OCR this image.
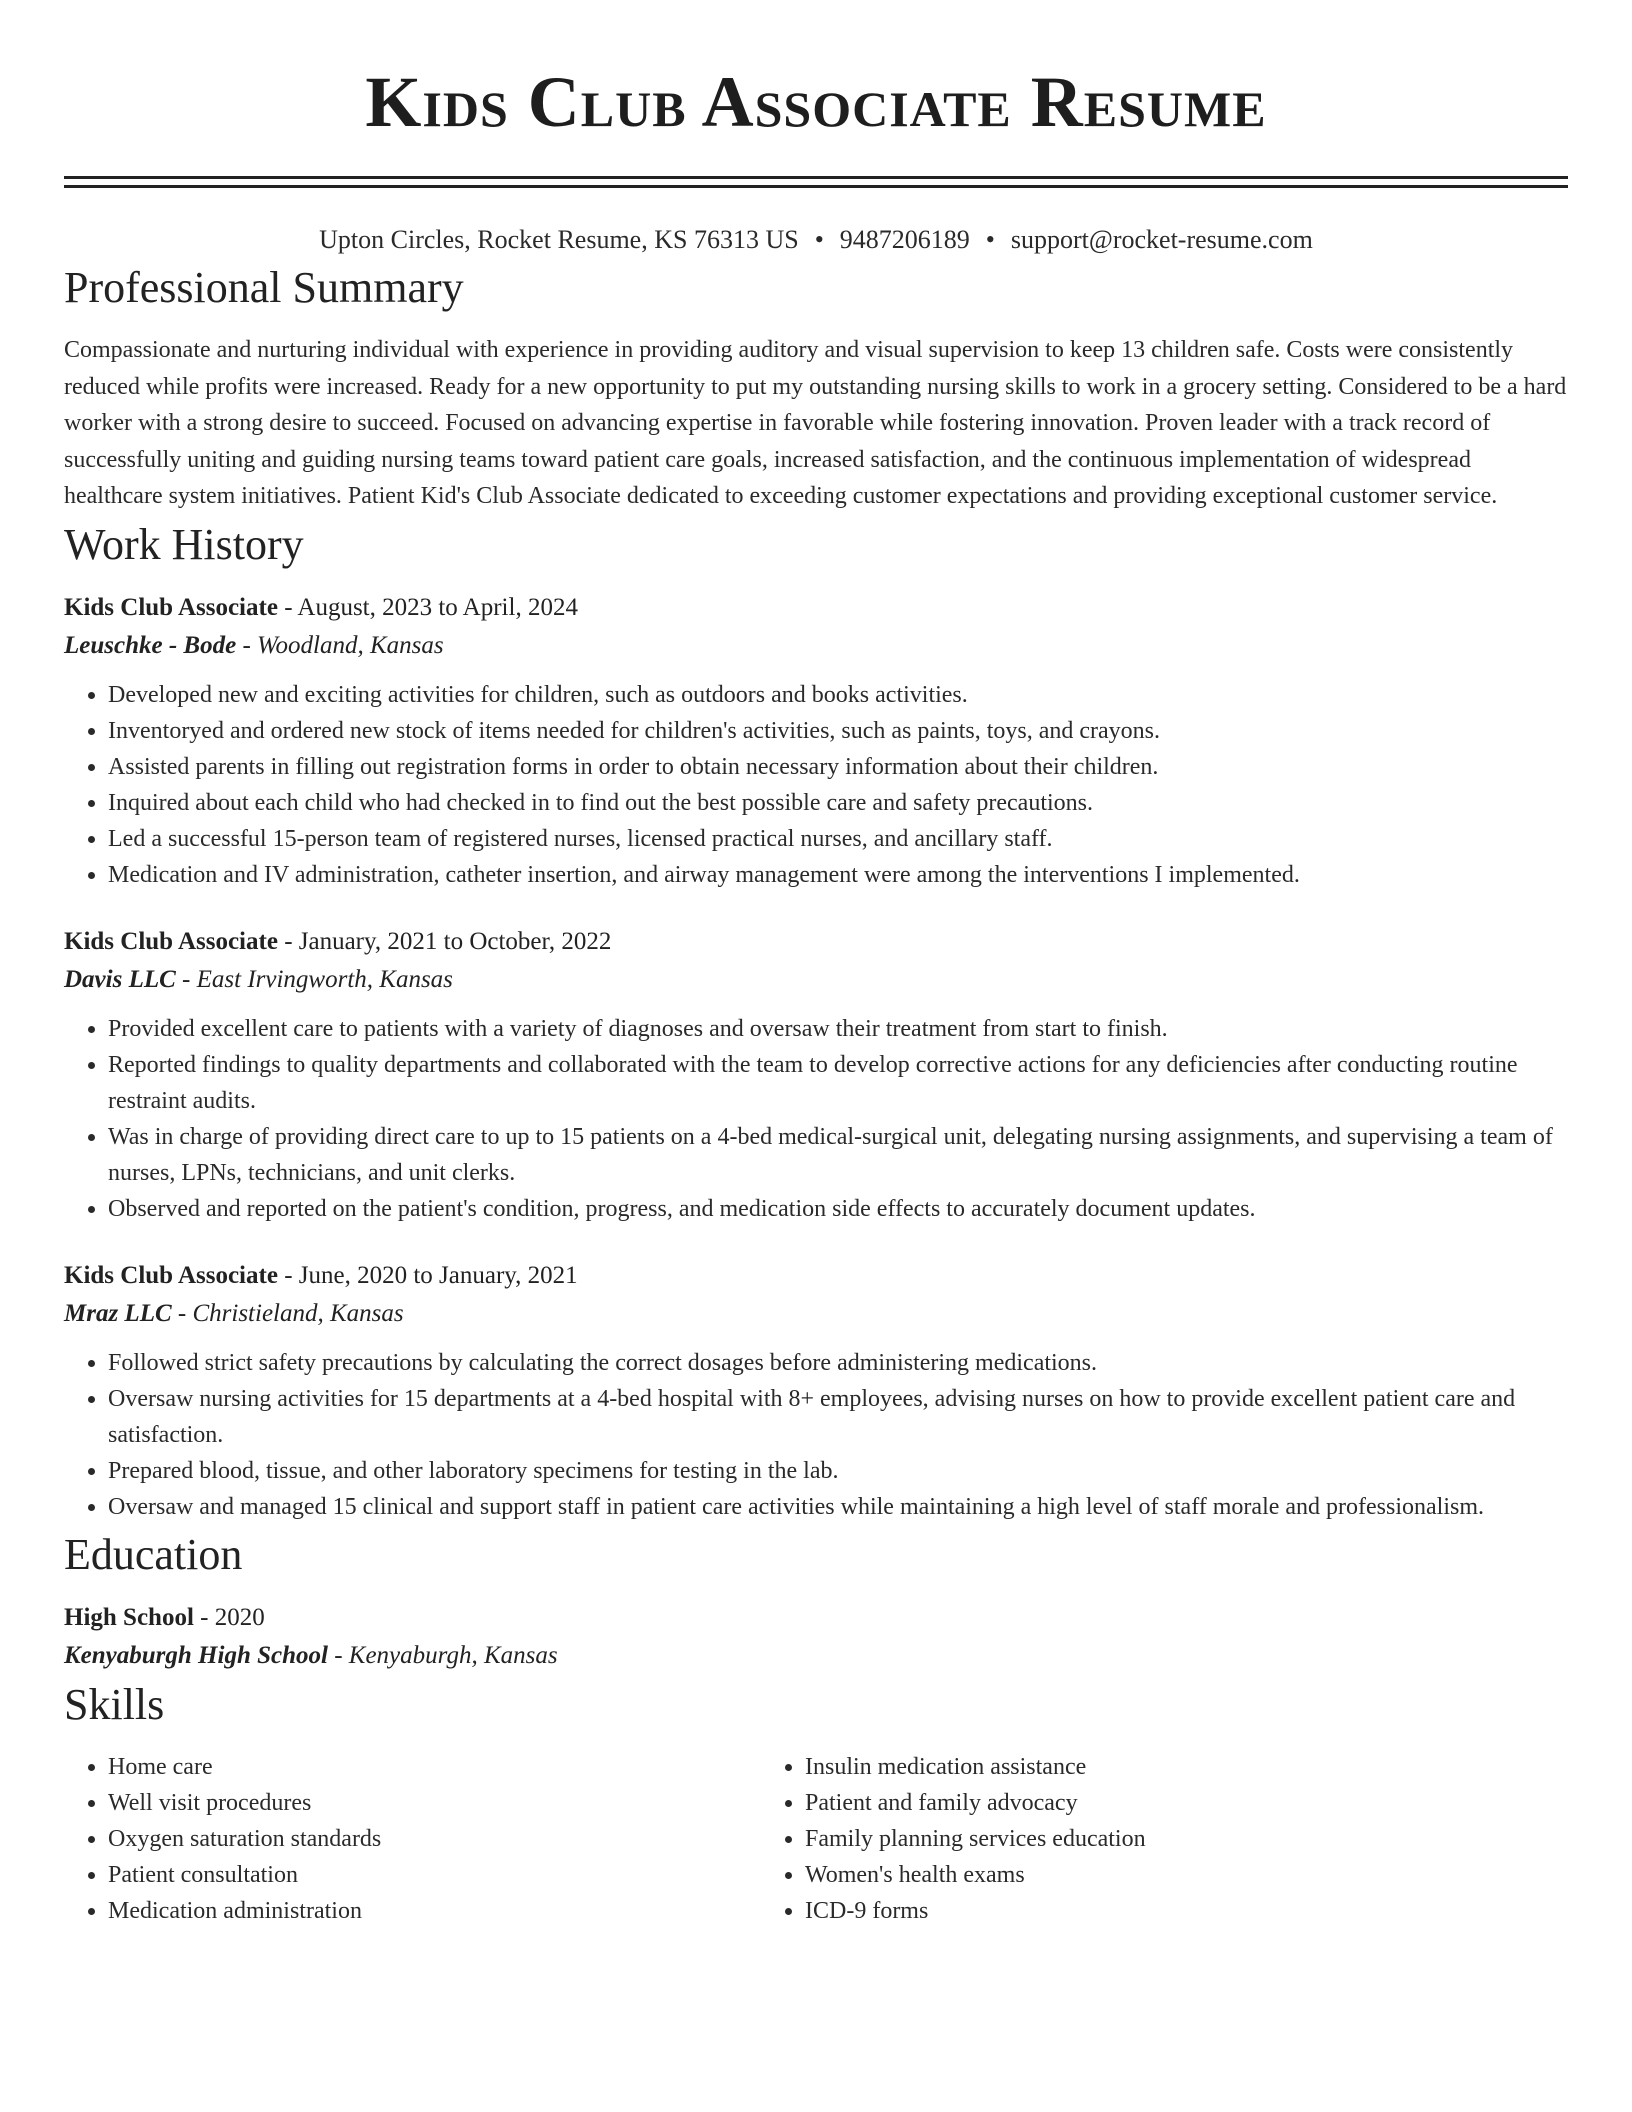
Kids Club Associate Resume
Upton Circles, Rocket Resume, KS 76313 US • 9487206189 • support@rocket-resume.com
Professional Summary
Compassionate and nurturing individual with experience in providing auditory and visual supervision to keep 13 children safe. Costs were consistently reduced while profits were increased. Ready for a new opportunity to put my outstanding nursing skills to work in a grocery setting. Considered to be a hard worker with a strong desire to succeed. Focused on advancing expertise in favorable while fostering innovation. Proven leader with a track record of successfully uniting and guiding nursing teams toward patient care goals, increased satisfaction, and the continuous implementation of widespread healthcare system initiatives. Patient Kid's Club Associate dedicated to exceeding customer expectations and providing exceptional customer service.
Work History
Kids Club Associate - August, 2023 to April, 2024
Leuschke - Bode - Woodland, Kansas
• Developed new and exciting activities for children, such as outdoors and books activities.
• Inventoryed and ordered new stock of items needed for children's activities, such as paints, toys, and crayons.
• Assisted parents in filling out registration forms in order to obtain necessary information about their children.
• Inquired about each child who had checked in to find out the best possible care and safety precautions.
• Led a successful 15-person team of registered nurses, licensed practical nurses, and ancillary staff.
• Medication and IV administration, catheter insertion, and airway management were among the interventions I implemented.
Kids Club Associate - January, 2021 to October, 2022
Davis LLC - East Irvingworth, Kansas
• Provided excellent care to patients with a variety of diagnoses and oversaw their treatment from start to finish.
• Reported findings to quality departments and collaborated with the team to develop corrective actions for any deficiencies after conducting routine restraint audits.
• Was in charge of providing direct care to up to 15 patients on a 4-bed medical-surgical unit, delegating nursing assignments, and supervising a team of nurses, LPNs, technicians, and unit clerks.
• Observed and reported on the patient's condition, progress, and medication side effects to accurately document updates.
Kids Club Associate - June, 2020 to January, 2021
Mraz LLC - Christieland, Kansas
• Followed strict safety precautions by calculating the correct dosages before administering medications.
• Oversaw nursing activities for 15 departments at a 4-bed hospital with 8+ employees, advising nurses on how to provide excellent patient care and satisfaction.
• Prepared blood, tissue, and other laboratory specimens for testing in the lab.
• Oversaw and managed 15 clinical and support staff in patient care activities while maintaining a high level of staff morale and professionalism.
Education
High School - 2020
Kenyaburgh High School - Kenyaburgh, Kansas
Skills
• Home care
• Well visit procedures
• Oxygen saturation standards
• Patient consultation
• Medication administration
• Insulin medication assistance
• Patient and family advocacy
• Family planning services education
• Women's health exams
• ICD-9 forms
